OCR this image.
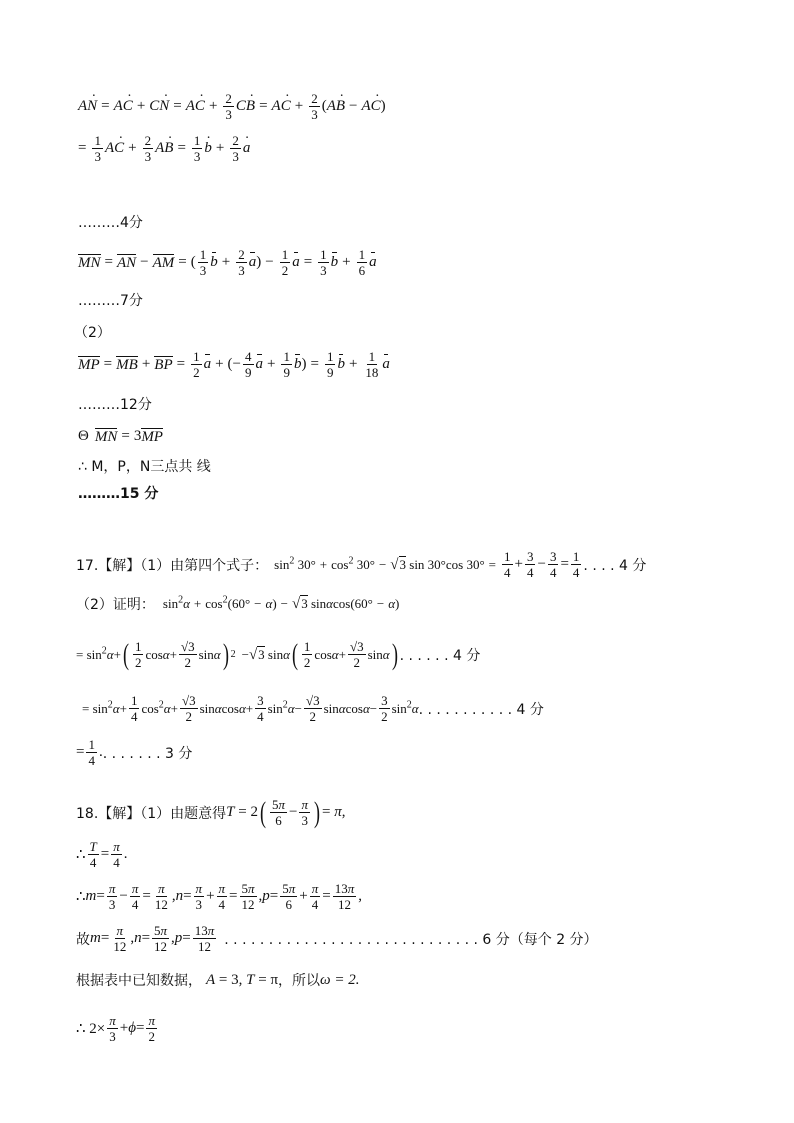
AN · = AC · + CN · = AC · + $\frac{2}{3}$ CB · = AC · + $\frac{2}{3}$ ( AB · − AC · )
= $\frac{1}{3}$ AC · + $\frac{2}{3}$ AB · = $\frac{1}{3}$ b · + $\frac{2}{3}$ a ·
………4分
MN = AN − AM = ( $\frac{1}{3}$ $b + \frac{2}{3}$ a ) − $\frac{1}{2}$ $a = \frac{1}{3}$ $b + \frac{1}{6}$ a
………7分
（2）
MP = MB + BP = $\frac{1}{2}$ a + (− $\frac{4}{9}$ $a + \frac{1}{9}$ b ) = $\frac{1}{9}$ $b + \frac{1}{18}$ a
………12分
Θ MN = 3 MP
∴ M，P，N三点共 线
………15 分
17.【解】（1）由第四个式子： $\sin^2 30^\circ + \cos^2 30^\circ - √3$ sin 30°cos $30^\circ = \frac{1}{4} + \frac{3}{4} - \frac{3}{4} = \frac{1}{4}$ . . . . 4 分
（2）证明： $\sin^2\alpha + \cos^2(60^\circ - \alpha) - √3$ sinαcos(60° − α)
= $\sin^2\alpha+$ ( $\frac{1}{2} \cos\alpha+ \frac{√3}{2}$ sinα ) 2 −√3 sinα ( $\frac{1}{2} \cos\alpha+ \frac{√3}{2}$ sinα ) . . . . . . 4 分
= $\sin^2\alpha+ \frac{1}{4} \cos^2\alpha+ \frac{√3}{2} \sin\alpha\cos\alpha+ \frac{3}{4} \sin^2\alpha- \frac{√3}{2} \sin\alpha\cos\alpha- \frac{3}{2} \sin^2\alpha$ . . . . . . . . . . . 4 分
= $\frac{1}{4}$ . . . . . . . . 3 分
18.【解】（1）由题意得 T = 2 ( $\frac{5\pi}{6} - \frac{\pi}{3}$ ) = π ,
∴ $\frac{T}{4} = \frac{\pi}{4}$ .
∴ $m = \frac{\pi}{3} - \frac{\pi}{4} = \frac{\pi}{12}$ , $n = \frac{\pi}{3} + \frac{\pi}{4} = \frac{5\pi}{12}$ , $p = \frac{5\pi}{6} + \frac{\pi}{4} = \frac{13\pi}{12}$ ,
故 $m = \frac{\pi}{12}$ , $n = \frac{5\pi}{12}$ , $p = \frac{13\pi}{12}$ . . . . . . . . . . . . . . . . . . . . . . . . . . . . . 6 分（每个 2 分）
根据表中已知数据， A = 3, T = π ，所以 ω = 2.
∴ $2\times \frac{\pi}{3} + \phi = \frac{\pi}{2}$
